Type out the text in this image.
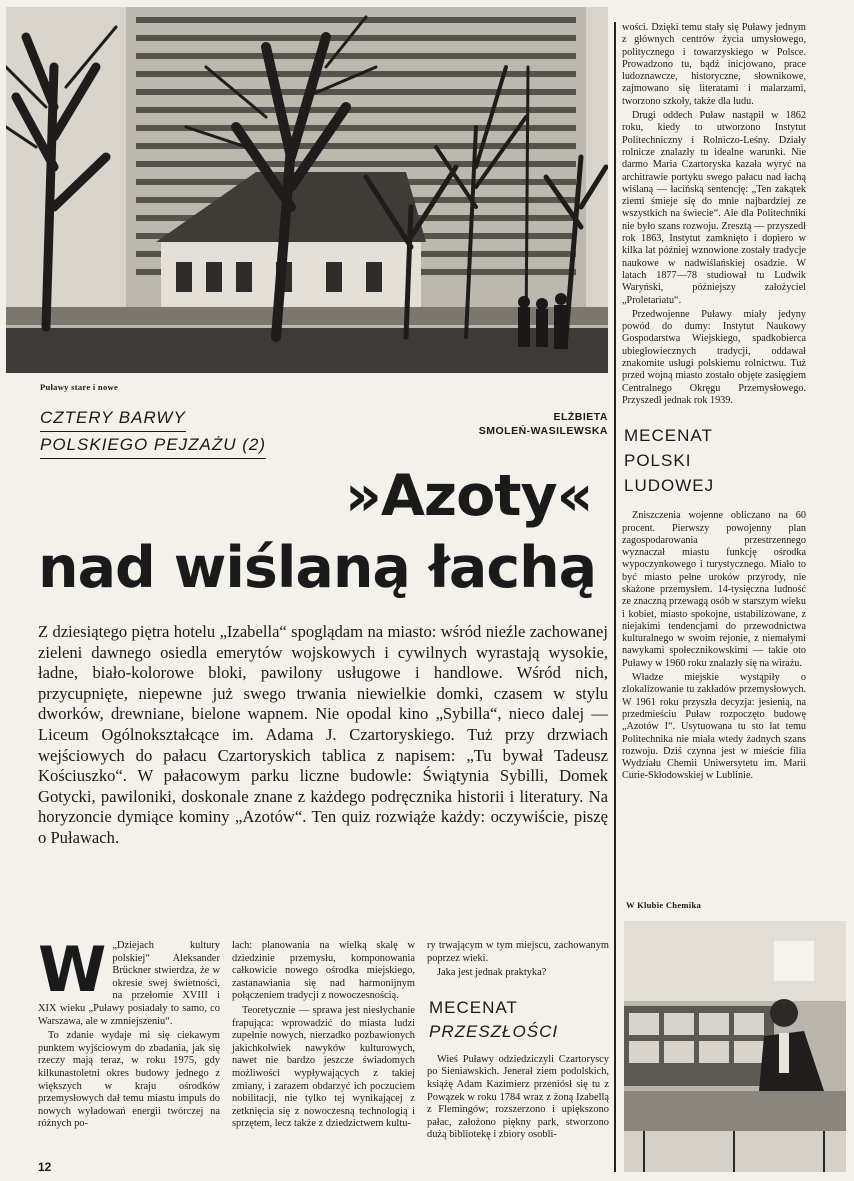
Puławy stare i nowe
CZTERY BARWY
POLSKIEGO PEJZAŻU (2)
ELŻBIETA
SMOLEŃ-WASILEWSKA
»Azoty«
nad wiślaną łachą
Z dziesiątego piętra hotelu „Izabella“ spoglądam na miasto: wśród nieźle zachowanej zieleni dawnego osiedla emerytów wojskowych i cywilnych wyrastają wysokie, ładne, biało-kolorowe bloki, pawilony usługowe i handlowe. Wśród nich, przycupnięte, niepewne już swego trwania niewielkie domki, czasem w stylu dworków, drewniane, bielone wapnem. Nie opodal kino „Sybilla“, nieco dalej — Liceum Ogólnokształcące im. Adama J. Czartoryskiego. Tuż przy drzwiach wejściowych do pałacu Czartoryskich tablica z napisem: „Tu bywał Tadeusz Kościuszko“. W pałacowym parku liczne budowle: Świątynia Sybilli, Domek Gotycki, pawiloniki, doskonale znane z każdego podręcznika historii i literatury. Na horyzoncie dymiące kominy „Azotów“. Ten quiz rozwiąże każdy: oczywiście, piszę o Puławach.
W „Dziejach kultury polskiej“ Aleksander Brückner stwierdza, że w okresie swej świetności, na przełomie XVIII i XIX wieku „Puławy posiadały to samo, co Warszawa, ale w zmniejszeniu“.

To zdanie wydaje mi się ciekawym punktem wyjściowym do zbadania, jak się rzeczy mają teraz, w roku 1975, gdy kilkunastoletni okres budowy jednego z większych w kraju ośrodków przemysłowych dał temu miastu impuls do nowych wyładowań energii twórczej na różnych po-

lach: planowania na wielką skalę w dziedzinie przemysłu, komponowania całkowicie nowego ośrodka miejskiego, zastanawiania się nad harmonijnym połączeniem tradycji z nowoczesnością.

Teoretycznie — sprawa jest niesłychanie frapująca: wprowadzić do miasta ludzi zupełnie nowych, nierzadko pozbawionych jakichkolwiek nawyków kulturowych, nawet nie bardzo jeszcze świadomych możliwości wypływających z takiej zmiany, i zarazem obdarzyć ich poczuciem nobilitacji, nie tylko tej wynikającej z zetknięcia się z nowoczesną technologią i sprzętem, lecz także z dziedzictwem kultu-

ry trwającym w tym miejscu, zachowanym poprzez wieki.

Jaka jest jednak praktyka?

MECENAT
PRZESZŁOŚCI

Wieś Puławy odziedziczyli Czartoryscy po Sieniawskich. Jenerał ziem podolskich, książę Adam Kazimierz przeniósł się tu z Powązek w roku 1784 wraz z żoną Izabellą z Flemingów; rozszerzono i upiększono pałac, założono piękny park, stworzono dużą bibliotekę i zbiory osobli-

wości. Dzięki temu stały się Puławy jednym z głównych centrów życia umysłowego, politycznego i towarzyskiego w Polsce. Prowadzono tu, bądź inicjowano, prace ludoznawcze, historyczne, słownikowe, zajmowano się literatami i malarzami, tworzono szkoły, także dla ludu.

Drugi oddech Puław nastąpił w 1862 roku, kiedy to utworzono Instytut Politechniczny i Rolniczo-Leśny. Działy rolnicze znalazły tu idealne warunki. Nie darmo Maria Czartoryska kazała wyryć na architrawie portyku swego pałacu nad łachą wiślaną — łacińską sentencję: „Ten zakątek ziemi śmieje się do mnie najbardziej ze wszystkich na świecie“. Ale dla Politechniki nie było szans rozwoju. Zresztą — przyszedł rok 1863, Instytut zamknięto i dopiero w kilka lat później wznowione zostały tradycje naukowe w nadwiślańskiej osadzie. W latach 1877—78 studiował tu Ludwik Waryński, późniejszy założyciel „Proletariatu“.

Przedwojenne Puławy miały jedyny powód do dumy: Instytut Naukowy Gospodarstwa Wiejskiego, spadkobierca ubiegłowiecznych tradycji, oddawał znakomite usługi polskiemu rolnictwu. Tuż przed wojną miasto zostało objęte zasięgiem Centralnego Okręgu Przemysłowego. Przyszedł jednak rok 1939.

MECENAT
POLSKI
LUDOWEJ

Zniszczenia wojenne obliczano na 60 procent. Pierwszy powojenny plan zagospodarowania przestrzennego wyznaczał miastu funkcję ośrodka wypoczynkowego i turystycznego. Miało to być miasto pełne uroków przyrody, nie skażone przemysłem. 14-tysięczna ludność ze znaczną przewagą osób w starszym wieku i kobiet, miasto spokojne, ustabilizowane, z niejakimi tendencjami do przewodnictwa kulturalnego w swoim rejonie, z niemałymi nawykami społecznikowskimi — takie oto Puławy w 1960 roku znalazły się na wirażu.

Władze miejskie wystąpiły o zlokalizowanie tu zakładów przemysłowych. W 1961 roku przyszła decyzja: jesienią, na przedmieściu Puław rozpoczęto budowę „Azotów I“. Usytuowana tu sto lat temu Politechnika nie miała wtedy żadnych szans rozwoju. Dziś czynna jest w mieście filia Wydziału Chemii Uniwersytetu im. Marii Curie-Skłodowskiej w Lublinie.

W Klubie Chemika
12
